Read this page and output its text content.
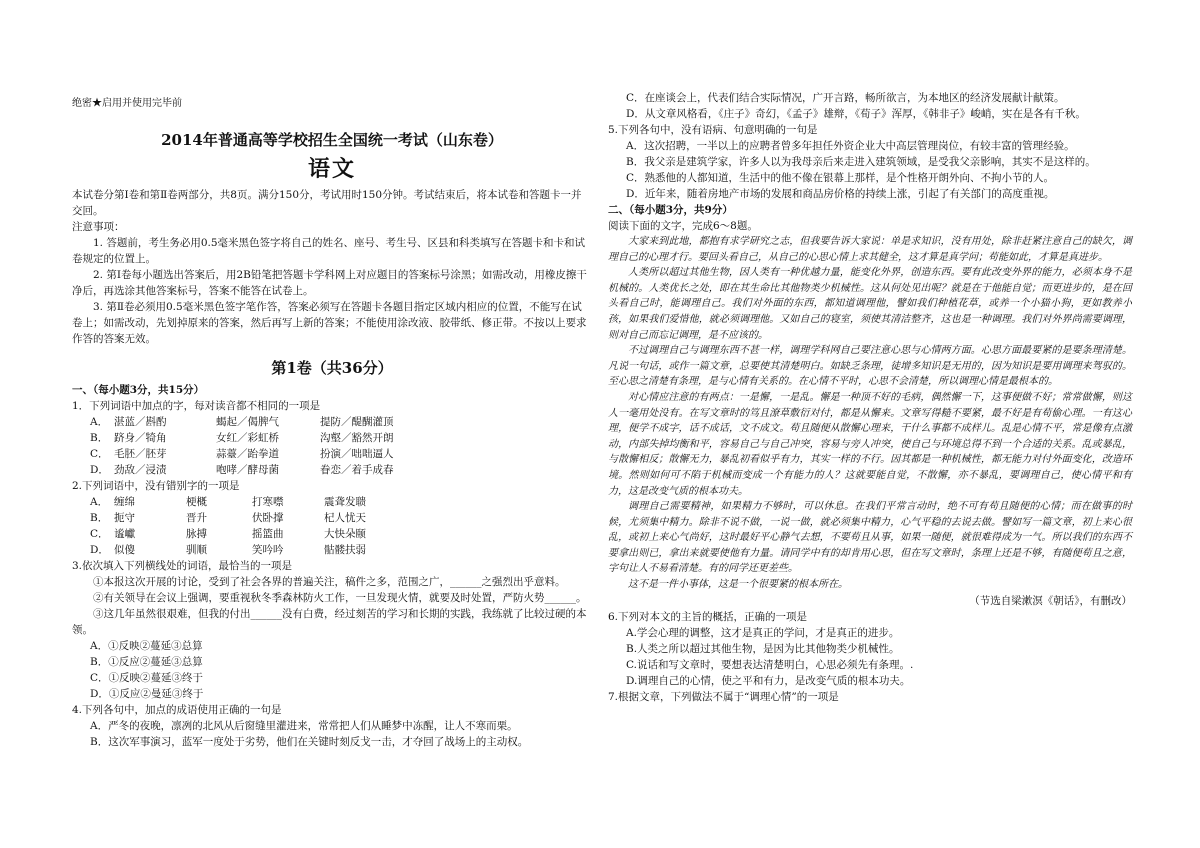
绝密★启用并使用完毕前
2014年普通高等学校招生全国统一考试（山东卷）
语文
本试卷分第Ⅰ卷和第Ⅱ卷两部分，共8页。满分150分，考试用时150分钟。考试结束后，将本试卷和答题卡一并交回。
注意事项：
1. 答题前，考生务必用0.5毫米黑色签字将自己的姓名、座号、考生号、区县和科类填写在答题卡和卡和试卷规定的位置上。
2. 第Ⅰ卷每小题选出答案后，用2B铅笔把答题卡学科网上对应题目的答案标号涂黑；如需改动，用橡皮擦干净后，再选涂其他答案标号，答案不能答在试卷上。
3. 第Ⅱ卷必须用0.5毫米黑色签字笔作答，答案必须写在答题卡各题目指定区域内相应的位置，不能写在试卷上；如需改动，先划掉原来的答案，然后再写上新的答案；不能使用涂改液、胶带纸、修正带。不按以上要求作答的答案无效。
第1卷（共36分）
一、（每小题3分，共15分）
1．下列词语中加点的字，每对读音都不相同的一项是
A． 湛蓝／斟酌	蝎起／偈脾气	提防／醍醐灌顶
B． 跻身／犄角	女红／彩虹桥	沟壑／豁然开朗
C． 毛胚／胚芽	蒜薹／跆拳道	扮演／咄咄逼人
D． 劲敌／浸渍	咆哮／酵母菌	眷恋／着手成春
2.下列词语中，没有错别字的一项是
A． 缠绵	梗概	打寒噤	震聋发聩
B． 扼守	晋升	伏卧撑	杞人忧天
C． 谧巘	脉搏	摇篮曲	大快朵颐
D． 似傻	驯顺	笑吟吟	骷髅扶弱
3.依次填入下列横线处的词语，最恰当的一项是
①本报这次开展的讨论，受到了社会各界的普遍关注，稿件之多，范围之广，______之强烈出乎意料。
②有关领导在会议上强调，要重视秋冬季森林防火工作，一旦发现火情，就要及时处置，严防火势______。
③这几年虽然很艰难，但我的付出______没有白费，经过刻苦的学习和长期的实践，我练就了比较过硬的本领。
A．①反映②蔓延③总算
B．①反应②蔓延③总算
C．①反映②蔓延③终于
D．①反应②曼延③终于
4.下列各句中，加点的成语使用正确的一句是
A．严冬的夜晚，凛冽的北风从后窗缝里灌进来，常常把人们从睡梦中冻醒，让人不寒而栗。
B．这次军事演习，蓝军一度处于劣势，他们在关键时刻反戈一击，才夺回了战场上的主动权。
C．在座谈会上，代表们结合实际情况，广开言路，畅所欲言，为本地区的经济发展献计献策。
D．从文章风格看，《庄子》奇幻，《孟子》雄辩，《荀子》浑厚，《韩非子》峻峭，实在是各有千秋。
5.下列各句中，没有语病、句意明确的一句是
A．这次招聘，一半以上的应聘者曾多年担任外资企业大中高层管理岗位，有较丰富的管理经验。
B．我父亲是建筑学家，许多人以为我母亲后来走进入建筑领域，是受我父亲影响，其实不是这样的。
C．熟悉他的人都知道，生活中的他不像在银幕上那样，是个性格开朗外向、不拘小节的人。
D．近年来，随着房地产市场的发展和商品房价格的持续上涨，引起了有关部门的高度重视。
二、（每小题3分，共9分）
阅读下面的文字，完成6～8题。

大家来到此地，都抱有求学研究之志，但我要告诉大家说：单是求知识，没有用处，除非赶紧注意自己的缺欠，调理自己的心理才行。要回头看自己，从自己的心思心情上求其健全，这才算是真学问；苟能如此，才算是真进步。

人类所以超过其他生物，因人类有一种优越力量，能变化外界，创造东西。要有此改变外界的能力，必须本身不是机械的。人类优长之处，即在其生命比其他物类少机械性。这从何处见出呢？就是在于他能自觉；而更进步的，是在回头看自己时，能调理自己。我们对外面的东西，都知道调理他，譬如我们种植花草，或养一个小猫小狗，更如教养小孩，如果我们爱惜他，就必须调理他。又如自己的寝室，须使其清洁整齐，这也是一种调理。我们对外界尚需要调理，则对自己而忘记调理，是不应该的。

不过调理自己与调理东西不甚一样，调理学科网自己要注意心思与心情两方面。心思方面最要紧的是要条理清楚。凡说一句话，或作一篇文章，总要使其清楚明白。如缺乏条理，徒增多知识是无用的，因为知识是要用调理来驾驭的。至心思之清楚有条理，是与心情有关系的。在心情不平时，心思不会清楚，所以调理心情是最根本的。

对心情应注意的有两点：一是懈，一是乱。懈是一种顶不好的毛病，偶然懈一下，这事便做不好；常常做懈，则这人一毫用处没有。在写文章时的笃且潦草敷衍对付，都是从懈来。文章写得糙不要紧，最不好是有苟偷心理。一有这心理，便学不成字，话不成话，文不成文。苟且随便从散懈心理来，干什么事都不成样儿。乱是心情不平，常是像有点激动，内部失掉均衡和平，容易自己与自己冲突，容易与旁人冲突，使自己与环境总得不到一个合适的关系。乱或暴乱，与散懈相反；散懈无力，暴乱初看似乎有力，其实一样的不行。因其都是一种机械性，都无能力对付外面变化，改造环境。然则如何可不陷于机械而变成一个有能力的人？这就要能自觉，不散懈，亦不暴乱，要调理自己，使心情平和有力，这是改变气质的根本功夫。

调理自己需要精神，如果精力不够时，可以休息。在我们平常言动时，绝不可有苟且随便的心情；而在做事的时候，尤须集中精力。除非不说不做，一说一做，就必须集中精力，心气平稳的去说去做。譬如写一篇文章，初上来心很乱，或初上来心气尚好，这时最好平心静气去想，不要苟且从事，如果一随便，就很难得成为一气。所以我们的东西不要拿出则已，拿出来就要使他有力量。请同学中有的却肯用心思，但在写文章时，条理上还是不够，有随便苟且之意，字句让人不易看清楚。有的同学还更差些。

这不是一件小事体，这是一个很要紧的根本所在。

（节选自梁漱溟《朝话》，有删改）
6.下列对本文的主旨的概括，正确的一项是
A.学会心理的调整，这才是真正的学问，才是真正的进步。
B.人类之所以超过其他生物，是因为比其他物类少机械性。
C.说话和写文章时，要想表达清楚明白，心思必须先有条理。.
D.调理自己的心情，使之平和有力，是改变气质的根本功夫。
7.根据文章，下列做法不属于“调理心情”的一项是
